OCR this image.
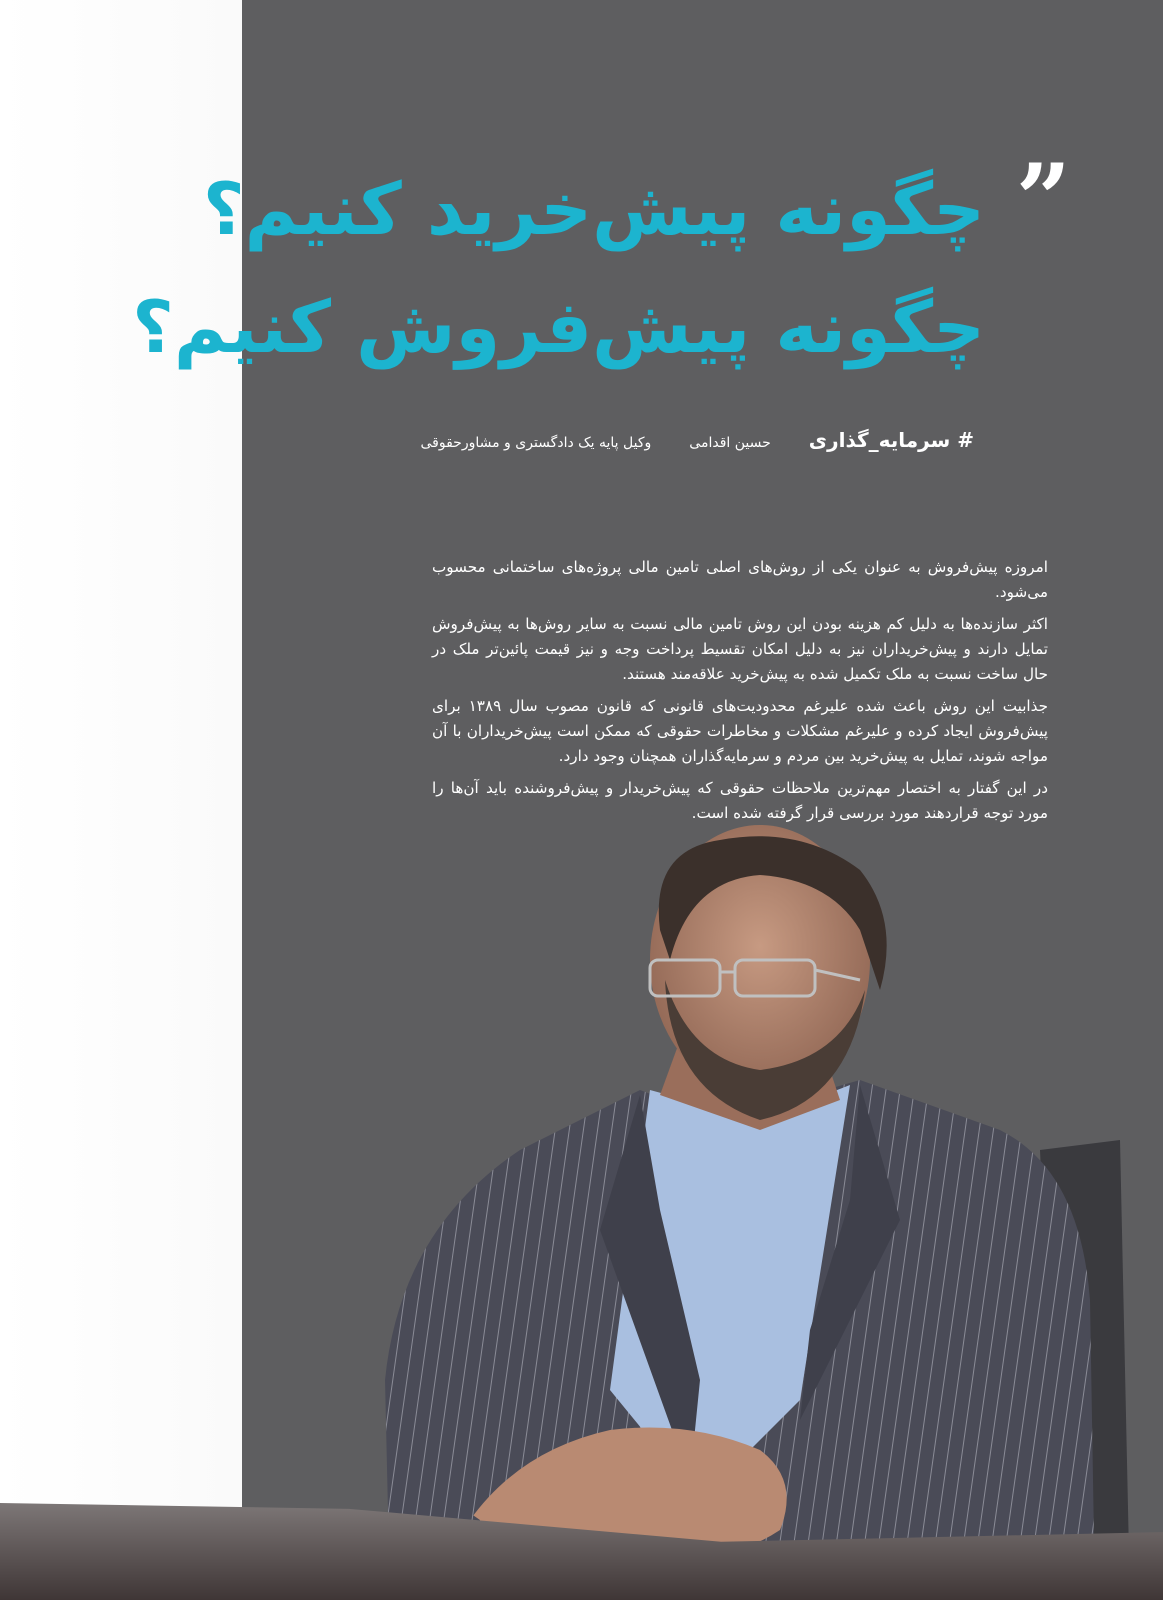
”
چگونه پیش‌خرید کنیم؟
چگونه پیش‌فروش کنیم؟
# سرمایه_گذاری
حسین اقدامی
وکیل پایه یک دادگستری و مشاورحقوقی

امروزه پیش‌فروش به عنوان یکی از روش‌های اصلی تامین مالی پروژه‌های ساختمانی محسوب می‌شود.

اکثر سازنده‌ها به دلیل کم هزینه بودن این روش تامین مالی نسبت به سایر روش‌ها به پیش‌فروش تمایل دارند و پیش‌خریداران نیز به دلیل امکان تقسیط پرداخت وجه و نیز قیمت پائین‌تر ملک در حال ساخت نسبت به ملک تکمیل شده به پیش‌خرید علاقه‌مند هستند.

جذابیت این روش باعث شده علیرغم محدودیت‌های قانونی که قانون مصوب سال ۱۳۸۹ برای پیش‌فروش ایجاد کرده و علیرغم مشکلات و مخاطرات حقوقی که ممکن است پیش‌خریداران با آن مواجه شوند، تمایل به پیش‌خرید بین مردم و سرمایه‌گذاران همچنان وجود دارد.

در این گفتار به اختصار مهم‌ترین ملاحظات حقوقی که پیش‌خریدار و پیش‌فروشنده باید آن‌ها را مورد توجه قراردهند مورد بررسی قرار گرفته شده است.
